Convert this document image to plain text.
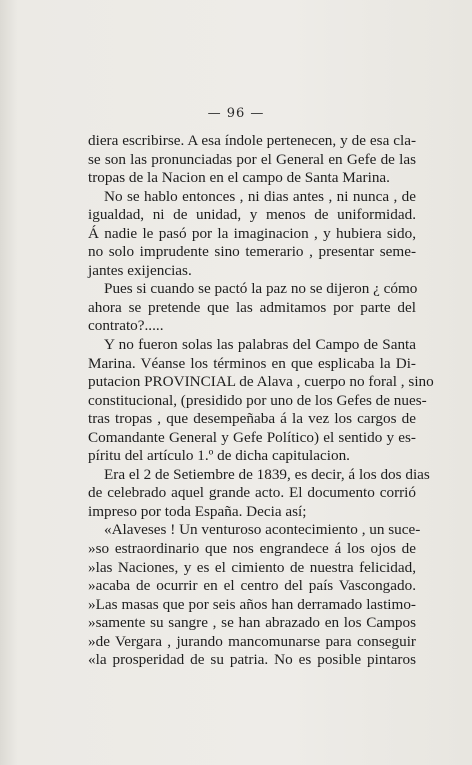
— 96 —
diera escribirse. A esa índole pertenecen, y de esa cla-
se son las pronunciadas por el General en Gefe de las
tropas de la Nacion en el campo de Santa Marina.
No se hablo entonces , ni dias antes , ni nunca , de
igualdad, ni de unidad, y menos de uniformidad.
Á nadie le pasó por la imaginacion , y hubiera sido,
no solo imprudente sino temerario , presentar seme-
jantes exijencias.
Pues si cuando se pactó la paz no se dijeron ¿ cómo
ahora se pretende que las admitamos por parte del
contrato?.....
Y no fueron solas las palabras del Campo de Santa
Marina. Véanse los términos en que esplicaba la Di-
putacion PROVINCIAL de Alava , cuerpo no foral , sino
constitucional, (presidido por uno de los Gefes de nues-
tras tropas , que desempeñaba á la vez los cargos de
Comandante General y Gefe Político) el sentido y es-
píritu del artículo 1.º de dicha capitulacion.
Era el 2 de Setiembre de 1839, es decir, á los dos dias
de celebrado aquel grande acto. El documento corrió
impreso por toda España. Decia así;
«Alaveses ! Un venturoso acontecimiento , un suce-
»so estraordinario que nos engrandece á los ojos de
»las Naciones, y es el cimiento de nuestra felicidad,
»acaba de ocurrir en el centro del país Vascongado.
»Las masas que por seis años han derramado lastimo-
»samente su sangre , se han abrazado en los Campos
»de Vergara , jurando mancomunarse para conseguir
«la prosperidad de su patria. No es posible pintaros
